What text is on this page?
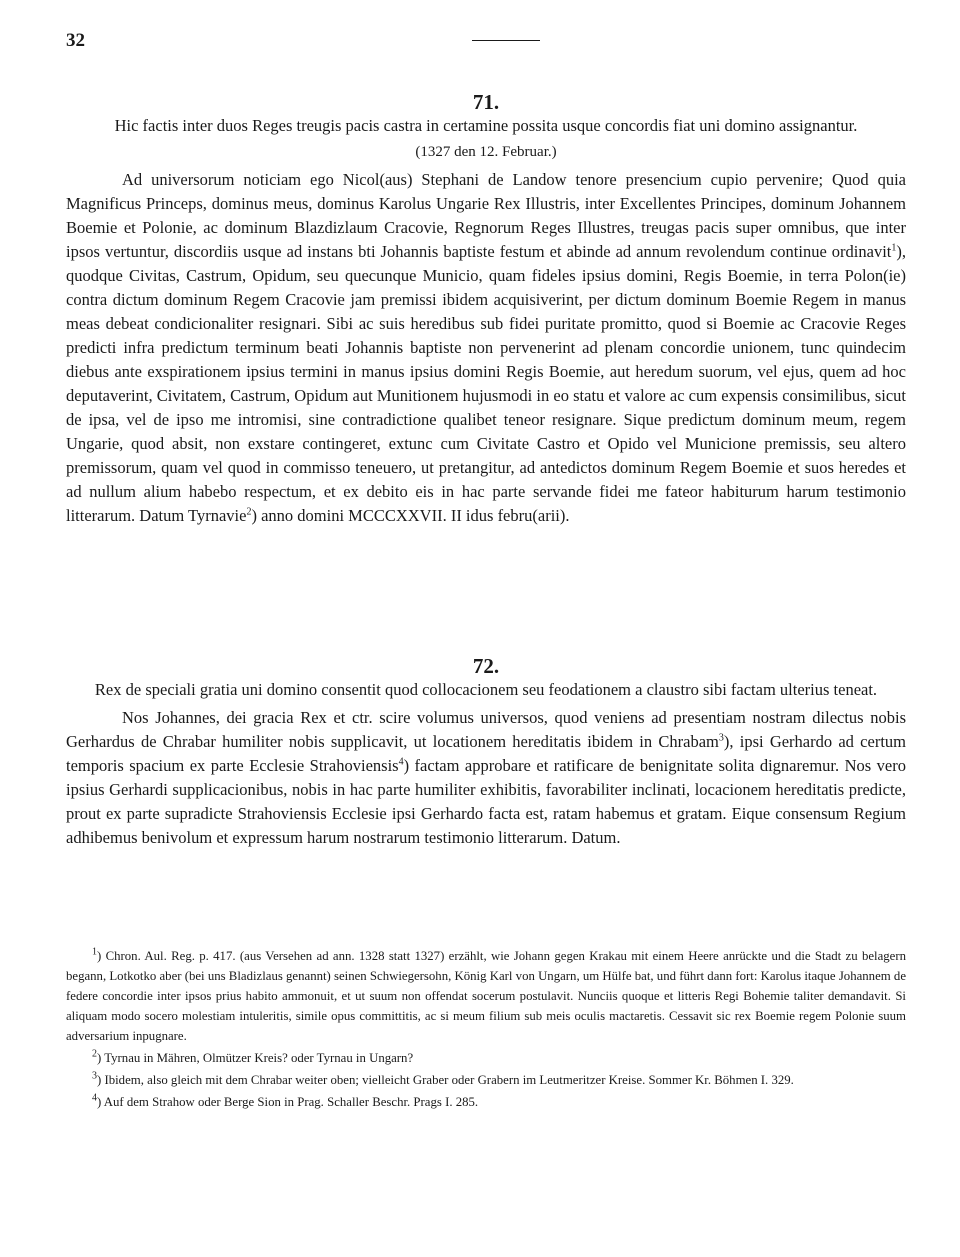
32
71.
Hic factis inter duos Reges treugis pacis castra in certamine possita usque concordis fiat uni domino assignantur.
(1327 den 12. Februar.)

Ad universorum noticiam ego Nicol(aus) Stephani de Landow tenore presencium cupio pervenire; Quod quia Magnificus Princeps, dominus meus, dominus Karolus Ungarie Rex Illustris, inter Excellentes Principes, dominum Johannem Boemie et Polonie, ac dominum Blazdizlaum Cracovie, Regnorum Reges Illustres, treugas pacis super omnibus, que inter ipsos vertuntur, discordiis usque ad instans bti Johannis baptiste festum et abinde ad annum revolendum continue ordinavit$^1$), quodque Civitas, Castrum, Opidum, seu quecunque Municio, quam fideles ipsius domini, Regis Boemie, in terra Polon(ie) contra dictum dominum Regem Cracovie jam premissi ibidem acquisiverint, per dictum dominum Boemie Regem in manus meas debeat condicionaliter resignari. Sibi ac suis heredibus sub fidei puritate promitto, quod si Boemie ac Cracovie Reges predicti infra predictum terminum beati Johannis baptiste non pervenerint ad plenam concordie unionem, tunc quindecim diebus ante exspirationem ipsius termini in manus ipsius domini Regis Boemie, aut heredum suorum, vel ejus, quem ad hoc deputaverint, Civitatem, Castrum, Opidum aut Munitionem hujusmodi in eo statu et valore ac cum expensis consimilibus, sicut de ipsa, vel de ipso me intromisi, sine contradictione qualibet teneor resignare. Sique predictum dominum meum, regem Ungarie, quod absit, non exstare contingeret, extunc cum Civitate Castro et Opido vel Municione premissis, seu altero premissorum, quam vel quod in commisso teneuero, ut pretangitur, ad antedictos dominum Regem Boemie et suos heredes et ad nullum alium habebo respectum, et ex debito eis in hac parte servande fidei me fateor habiturum harum testimonio litterarum. Datum Tyrnavie$^2$) anno domini MCCCXXVII. II idus febru(arii).

72.
Rex de speciali gratia uni domino consentit quod collocacionem seu feodationem a claustro sibi factam ulterius teneat.

Nos Johannes, dei gracia Rex et ctr. scire volumus universos, quod veniens ad presentiam nostram dilectus nobis Gerhardus de Chrabar humiliter nobis supplicavit, ut locationem hereditatis ibidem in Chrabam$^3$), ipsi Gerhardo ad certum temporis spacium ex parte Ecclesie Strahoviensis$^4$) factam approbare et ratificare de benignitate solita dignaremur. Nos vero ipsius Gerhardi supplicacionibus, nobis in hac parte humiliter exhibitis, favorabiliter inclinati, locacionem hereditatis predicte, prout ex parte supradicte Strahoviensis Ecclesie ipsi Gerhardo facta est, ratam habemus et gratam. Eique consensum Regium adhibemus benivolum et expressum harum nostrarum testimonio litterarum. Datum.

$^1$) Chron. Aul. Reg. p. 417. (aus Versehen ad ann. 1328 statt 1327) erzählt, wie Johann gegen Krakau mit einem Heere anrückte und die Stadt zu belagern begann, Lotkotko aber (bei uns Bladizlaus genannt) seinen Schwiegersohn, König Karl von Ungarn, um Hülfe bat, und führt dann fort: Karolus itaque Johannem de federe concordie inter ipsos prius habito ammonuit, et ut suum non offendat socerum postulavit. Nunciis quoque et litteris Regi Bohemie taliter demandavit. Si aliquam modo socero molestiam intuleritis, simile opus committitis, ac si meum filium sub meis oculis mactaretis. Cessavit sic rex Boemie regem Polonie suum adversarium inpugnare.

$^2$) Tyrnau in Mähren, Olmützer Kreis? oder Tyrnau in Ungarn?

$^3$) Ibidem, also gleich mit dem Chrabar weiter oben; vielleicht Graber oder Grabern im Leutmeritzer Kreise. Sommer Kr. Böhmen I. 329.

$^4$) Auf dem Strahow oder Berge Sion in Prag. Schaller Beschr. Prags I. 285.
